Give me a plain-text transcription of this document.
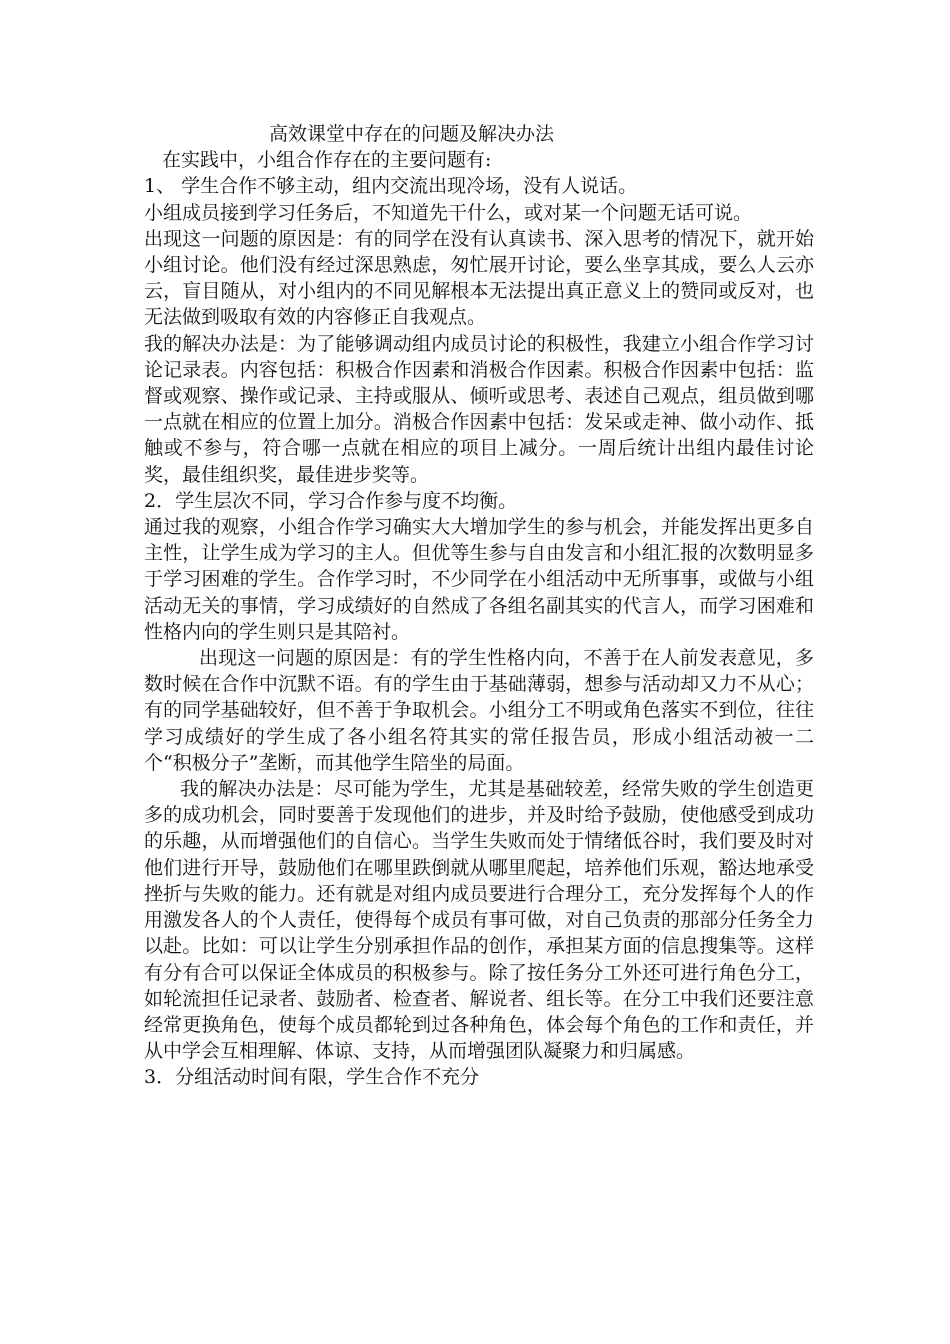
高效课堂中存在的问题及解决办法

在实践中，小组合作存在的主要问题有:

1、 学生合作不够主动，组内交流出现冷场，没有人说话。

小组成员接到学习任务后，不知道先干什么，或对某一个问题无话可说。

出现这一问题的原因是：有的同学在没有认真读书、深入思考的情况下，就开始小组讨论。他们没有经过深思熟虑，匆忙展开讨论，要么坐享其成，要么人云亦云，盲目随从，对小组内的不同见解根本无法提出真正意义上的赞同或反对，也无法做到吸取有效的内容修正自我观点。

我的解决办法是：为了能够调动组内成员讨论的积极性，我建立小组合作学习讨论记录表。内容包括：积极合作因素和消极合作因素。积极合作因素中包括：监督或观察、操作或记录、主持或服从、倾听或思考、表述自己观点，组员做到哪一点就在相应的位置上加分。消极合作因素中包括：发呆或走神、做小动作、抵触或不参与，符合哪一点就在相应的项目上减分。一周后统计出组内最佳讨论奖，最佳组织奖，最佳进步奖等。

2．学生层次不同，学习合作参与度不均衡。

通过我的观察，小组合作学习确实大大增加学生的参与机会，并能发挥出更多自主性，让学生成为学习的主人。但优等生参与自由发言和小组汇报的次数明显多于学习困难的学生。合作学习时，不少同学在小组活动中无所事事，或做与小组活动无关的事情，学习成绩好的自然成了各组名副其实的代言人，而学习困难和性格内向的学生则只是其陪衬。

出现这一问题的原因是：有的学生性格内向，不善于在人前发表意见，多数时候在合作中沉默不语。有的学生由于基础薄弱，想参与活动却又力不从心；有的同学基础较好，但不善于争取机会。小组分工不明或角色落实不到位，往往学习成绩好的学生成了各小组名符其实的常任报告员，形成小组活动被一二个“积极分子”垄断，而其他学生陪坐的局面。

我的解决办法是：尽可能为学生，尤其是基础较差，经常失败的学生创造更多的成功机会，同时要善于发现他们的进步，并及时给予鼓励，使他感受到成功的乐趣，从而增强他们的自信心。当学生失败而处于情绪低谷时，我们要及时对他们进行开导，鼓励他们在哪里跌倒就从哪里爬起，培养他们乐观，豁达地承受挫折与失败的能力。还有就是对组内成员要进行合理分工，充分发挥每个人的作用激发各人的个人责任，使得每个成员有事可做，对自己负责的那部分任务全力以赴。比如：可以让学生分别承担作品的创作，承担某方面的信息搜集等。这样有分有合可以保证全体成员的积极参与。除了按任务分工外还可进行角色分工，如轮流担任记录者、鼓励者、检查者、解说者、组长等。在分工中我们还要注意经常更换角色，使每个成员都轮到过各种角色，体会每个角色的工作和责任，并从中学会互相理解、体谅、支持，从而增强团队凝聚力和归属感。

3．分组活动时间有限，学生合作不充分
